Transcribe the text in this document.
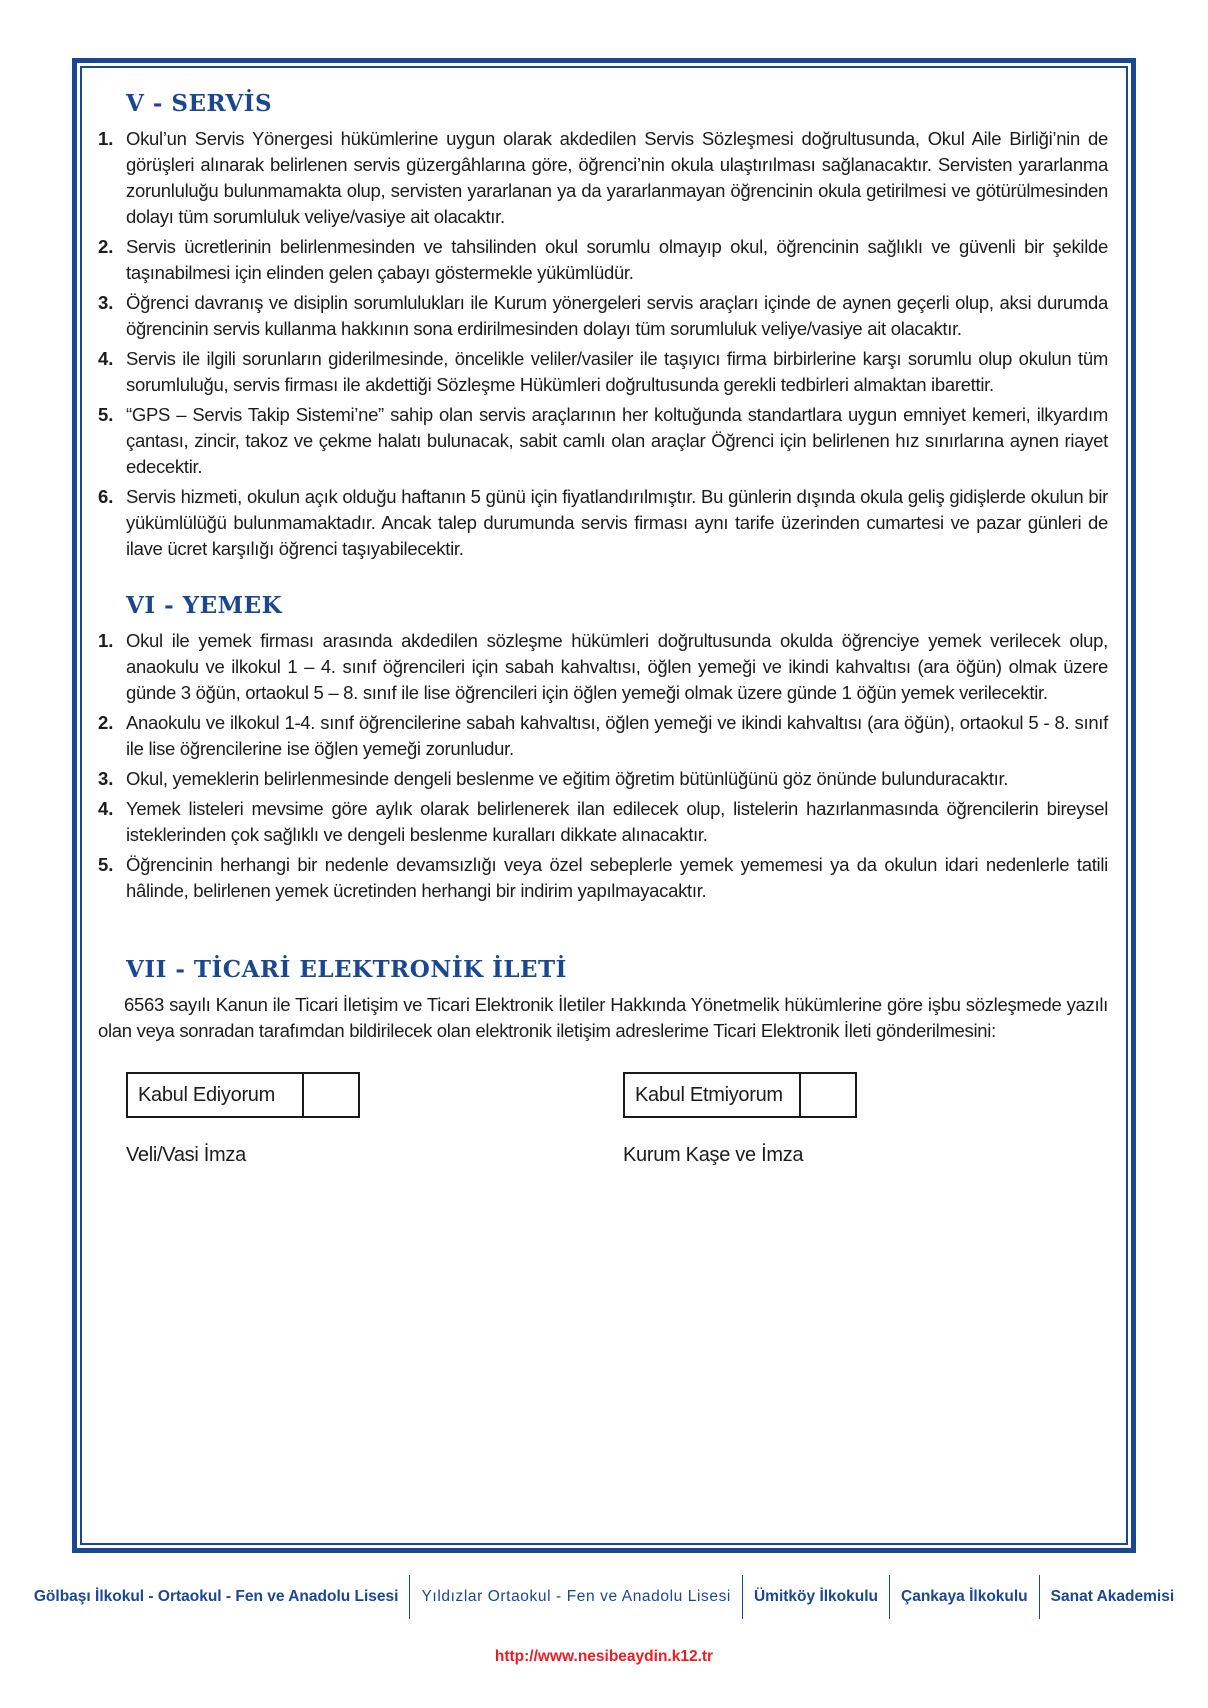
V - SERVİS
1. Okul’un Servis Yönergesi hükümlerine uygun olarak akdedilen Servis Sözleşmesi doğrultusunda, Okul Aile Birliği’nin de görüşleri alınarak belirlenen servis güzergâhlarına göre, öğrenci’nin okula ulaştırılması sağlanacaktır. Servisten yararlanma zorunluluğu bulunmamakta olup, servisten yararlanan ya da yararlanmayan öğrencinin okula getirilmesi ve götürülmesinden dolayı tüm sorumluluk veliye/vasiye ait olacaktır.
2. Servis ücretlerinin belirlenmesinden ve tahsilinden okul sorumlu olmayıp okul, öğrencinin sağlıklı ve güvenli bir şekilde taşınabilmesi için elinden gelen çabayı göstermekle yükümlüdür.
3. Öğrenci davranış ve disiplin sorumlulukları ile Kurum yönergeleri servis araçları içinde de aynen geçerli olup, aksi durumda öğrencinin servis kullanma hakkının sona erdirilmesinden dolayı tüm sorumluluk veliye/vasiye ait olacaktır.
4. Servis ile ilgili sorunların giderilmesinde, öncelikle veliler/vasiler ile taşıyıcı firma birbirlerine karşı sorumlu olup okulun tüm sorumluluğu, servis firması ile akdettiği Sözleşme Hükümleri doğrultusunda gerekli tedbirleri almaktan ibarettir.
5. “GPS – Servis Takip Sistemi’ne” sahip olan servis araçlarının her koltuğunda standartlara uygun emniyet kemeri, ilkyardım çantası, zincir, takoz ve çekme halatı bulunacak, sabit camlı olan araçlar Öğrenci için belirlenen hız sınırlarına aynen riayet edecektir.
6. Servis hizmeti, okulun açık olduğu haftanın 5 günü için fiyatlandırılmıştır. Bu günlerin dışında okula geliş gidişlerde okulun bir yükümlülüğü bulunmamaktadır. Ancak talep durumunda servis firması aynı tarife üzerinden cumartesi ve pazar günleri de ilave ücret karşılığı öğrenci taşıyabilecektir.
VI - YEMEK
1. Okul ile yemek firması arasında akdedilen sözleşme hükümleri doğrultusunda okulda öğrenciye yemek verilecek olup, anaokulu ve ilkokul 1 – 4. sınıf öğrencileri için sabah kahvaltısı, öğlen yemeği ve ikindi kahvaltısı (ara öğün) olmak üzere günde 3 öğün, ortaokul 5 – 8. sınıf ile lise öğrencileri için öğlen yemeği olmak üzere günde 1 öğün yemek verilecektir.
2. Anaokulu ve ilkokul 1-4. sınıf öğrencilerine sabah kahvaltısı, öğlen yemeği ve ikindi kahvaltısı (ara öğün), ortaokul 5 - 8. sınıf ile lise öğrencilerine ise öğlen yemeği zorunludur.
3. Okul, yemeklerin belirlenmesinde dengeli beslenme ve eğitim öğretim bütünlüğünü göz önünde bulunduracaktır.
4. Yemek listeleri mevsime göre aylık olarak belirlenerek ilan edilecek olup, listelerin hazırlanmasında öğrencilerin bireysel isteklerinden çok sağlıklı ve dengeli beslenme kuralları dikkate alınacaktır.
5. Öğrencinin herhangi bir nedenle devamsızlığı veya özel sebeplerle yemek yememesi ya da okulun idari nedenlerle tatili hâlinde, belirlenen yemek ücretinden herhangi bir indirim yapılmayacaktır.
VII - TİCARİ ELEKTRONİK İLETİ

6563 sayılı Kanun ile Ticari İletişim ve Ticari Elektronik İletiler Hakkında Yönetmelik hükümlerine göre işbu sözleşmede yazılı olan veya sonradan tarafımdan bildirilecek olan elektronik iletişim adreslerime Ticari Elektronik İleti gönderilmesini:

Kabul Ediyorum	Kabul Etmiyorum
Veli/Vasi İmza	Kurum Kaşe ve İmza
Gölbaşı İlkokul - Ortaokul - Fen ve Anadolu Lisesi	Yıldızlar Ortaokul - Fen ve Anadolu Lisesi	Ümitköy İlkokulu	Çankaya İlkokulu	Sanat Akademisi
http://www.nesibeaydin.k12.tr
